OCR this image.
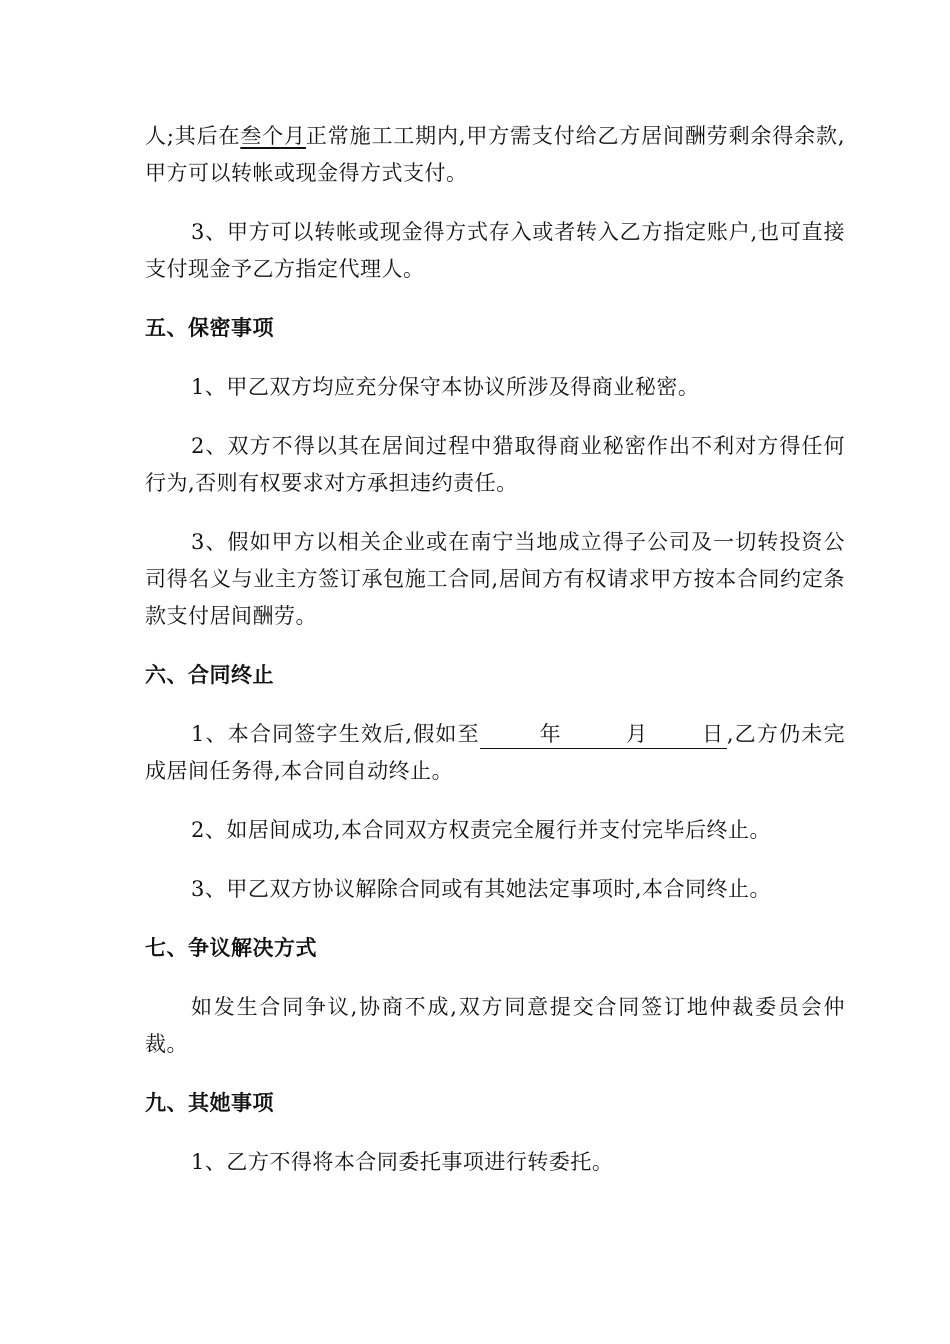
人;其后在叁个月正常施工工期内,甲方需支付给乙方居间酬劳剩余得余款,甲方可以转帐或现金得方式支付。

3、甲方可以转帐或现金得方式存入或者转入乙方指定账户,也可直接支付现金予乙方指定代理人。

五、保密事项

1、甲乙双方均应充分保守本协议所涉及得商业秘密。

2、双方不得以其在居间过程中猎取得商业秘密作出不利对方得任何行为,否则有权要求对方承担违约责任。

3、假如甲方以相关企业或在南宁当地成立得子公司及一切转投资公司得名义与业主方签订承包施工合同,居间方有权请求甲方按本合同约定条款支付居间酬劳。

六、合同终止

1、本合同签字生效后,假如至	年	月	日 ,乙方仍未完成居间任务得,本合同自动终止。

2、如居间成功,本合同双方权责完全履行并支付完毕后终止。

3、甲乙双方协议解除合同或有其她法定事项时,本合同终止。

七、争议解决方式

如发生合同争议,协商不成,双方同意提交合同签订地仲裁委员会仲裁。

九、其她事项

1、乙方不得将本合同委托事项进行转委托。
